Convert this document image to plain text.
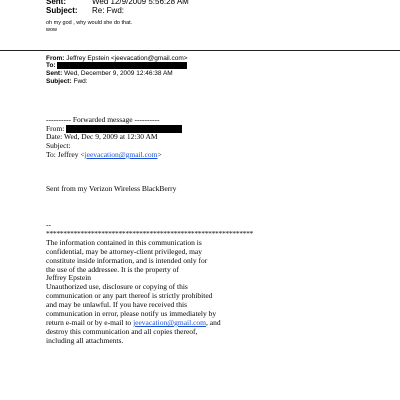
Sent:	Wed 12/9/2009 5:56:28 AM
Subject: Re: Fwd:
oh my god , why would she do that.
wow
From: Jeffrey Epstein <jeevacation@gmail.com>
To:
Sent: Wed, December 9, 2009 12:46:38 AM
Subject: Fwd:
---------- Forwarded message ----------
From:
Date: Wed, Dec 9, 2009 at 12:30 AM
Subject:
To: Jeffrey <jeevacation@gmail.com>
Sent from my Verizon Wireless BlackBerry
--
************************************************************
The information contained in this communication is
confidential, may be attorney-client privileged, may
constitute inside information, and is intended only for
the use of the addressee. It is the property of
Jeffrey Epstein
Unauthorized use, disclosure or copying of this
communication or any part thereof is strictly prohibited
and may be unlawful. If you have received this
communication in error, please notify us immediately by
return e-mail or by e-mail to jeevacation@gmail.com, and
destroy this communication and all copies thereof,
including all attachments.
